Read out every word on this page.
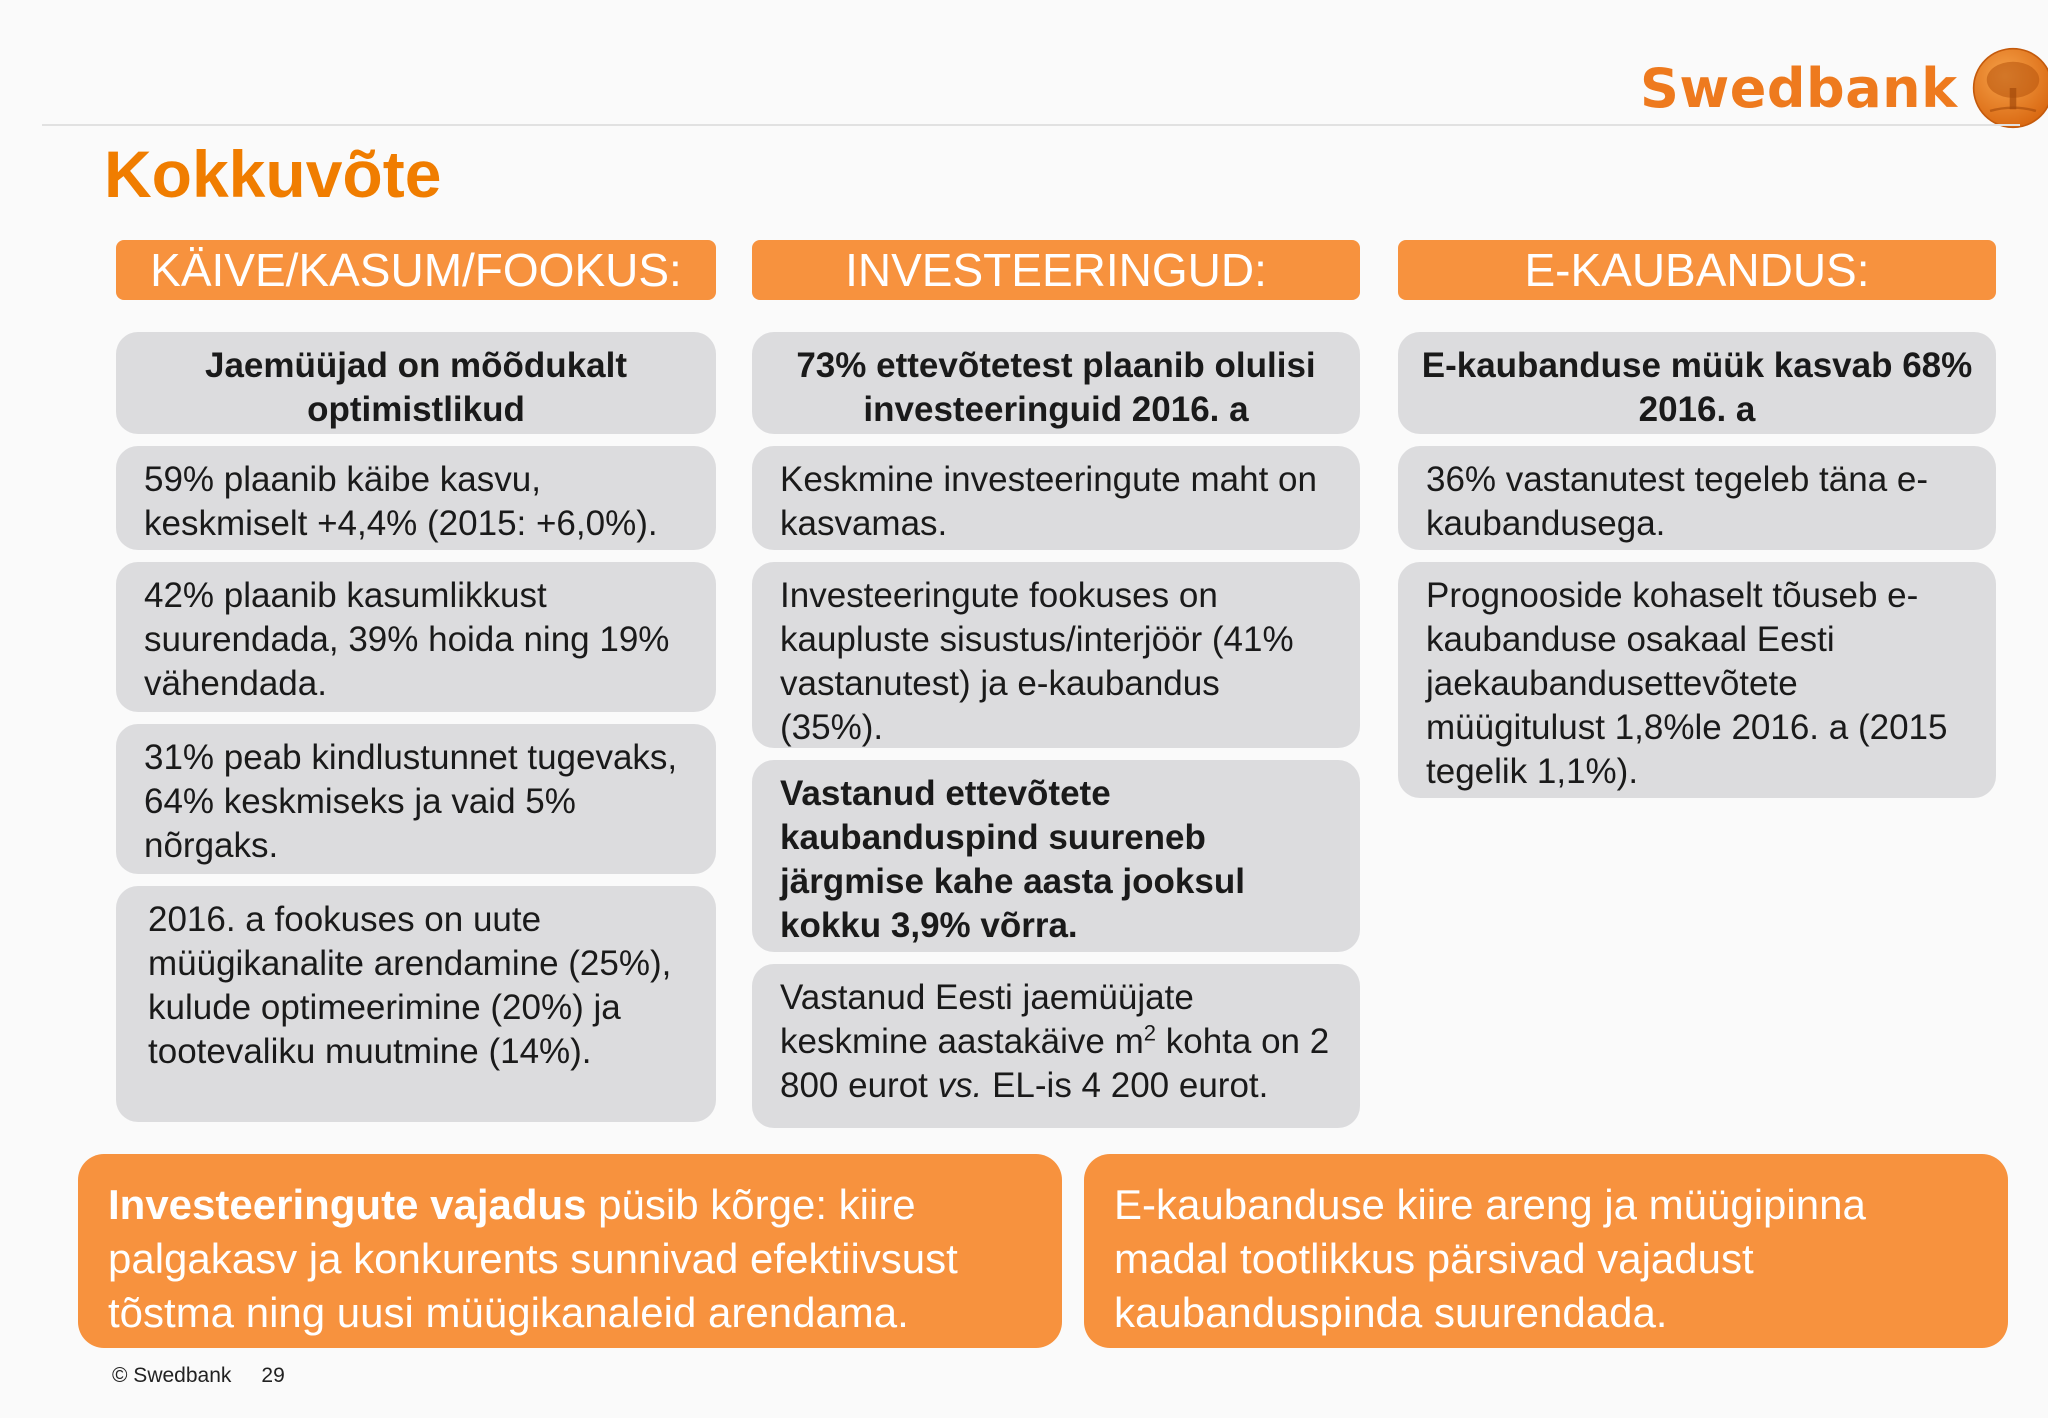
Swedbank
Kokkuvõte
KÄIVE/KASUM/FOOKUS:
Jaemüüjad on mõõdukalt optimistlikud
59% plaanib käibe kasvu, keskmiselt +4,4% (2015: +6,0%).
42% plaanib kasumlikkust suurendada, 39% hoida ning 19% vähendada.
31% peab kindlustunnet tugevaks, 64% keskmiseks ja vaid 5% nõrgaks.
2016. a fookuses on uute müügikanalite arendamine (25%), kulude optimeerimine (20%) ja tootevaliku muutmine (14%).
INVESTEERINGUD:
73% ettevõtetest plaanib olulisi investeeringuid 2016. a
Keskmine investeeringute maht on kasvamas.
Investeeringute fookuses on kaupluste sisustus/interjöör (41% vastanutest) ja e-kaubandus (35%).
Vastanud ettevõtete kaubanduspind suureneb järgmise kahe aasta jooksul kokku 3,9% võrra.
Vastanud Eesti jaemüüjate keskmine aastakäive $m^2$ kohta on 2 800 eurot vs. EL-is 4 200 eurot.
E-KAUBANDUS:
E-kaubanduse müük kasvab 68% 2016. a
36% vastanutest tegeleb täna e-kaubandusega.
Prognooside kohaselt tõuseb e-kaubanduse osakaal Eesti jaekaubandusettevõtete müügitulust 1,8%le 2016. a (2015 tegelik 1,1%).
Investeeringute vajadus püsib kõrge: kiire palgakasv ja konkurents sunnivad efektiivsust tõstma ning uusi müügikanaleid arendama.
E-kaubanduse kiire areng ja müügipinna madal tootlikkus pärsivad vajadust kaubanduspinda suurendada.
© Swedbank 29
